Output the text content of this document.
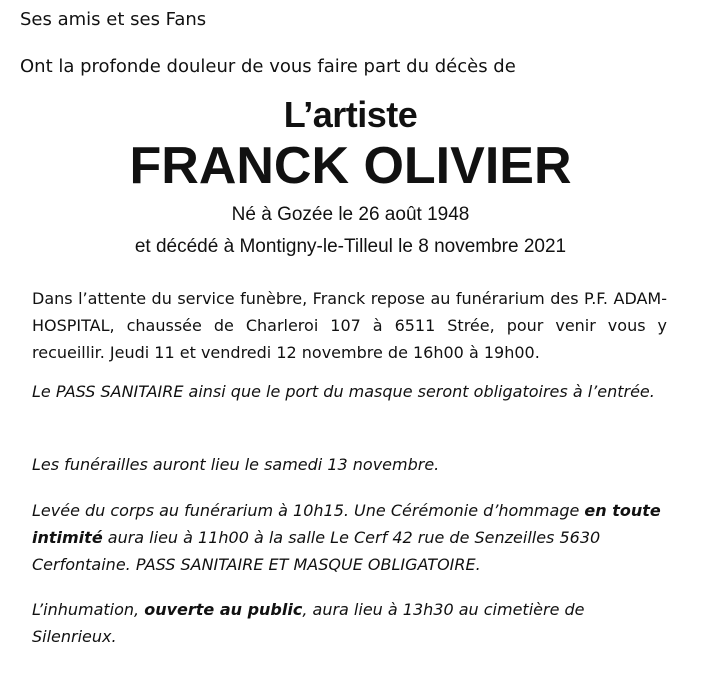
Ses amis et ses Fans
Ont la profonde douleur de vous faire part du décès de
L’artiste
FRANCK OLIVIER
Né à Gozée le 26 août 1948
et décédé à Montigny-le-Tilleul le 8 novembre 2021
Dans l’attente du service funèbre, Franck repose au funérarium des P.F. ADAM-HOSPITAL, chaussée de Charleroi 107 à 6511 Strée, pour venir vous y recueillir. Jeudi 11 et vendredi 12 novembre de 16h00 à 19h00.
Le PASS SANITAIRE ainsi que le port du masque seront obligatoires à l’entrée.
Les funérailles auront lieu le samedi 13 novembre.
Levée du corps au funérarium à 10h15. Une Cérémonie d’hommage en toute intimité aura lieu à 11h00 à la salle Le Cerf 42 rue de Senzeilles 5630 Cerfontaine. PASS SANITAIRE ET MASQUE OBLIGATOIRE.
L’inhumation, ouverte au public, aura lieu à 13h30 au cimetière de Silenrieux.
